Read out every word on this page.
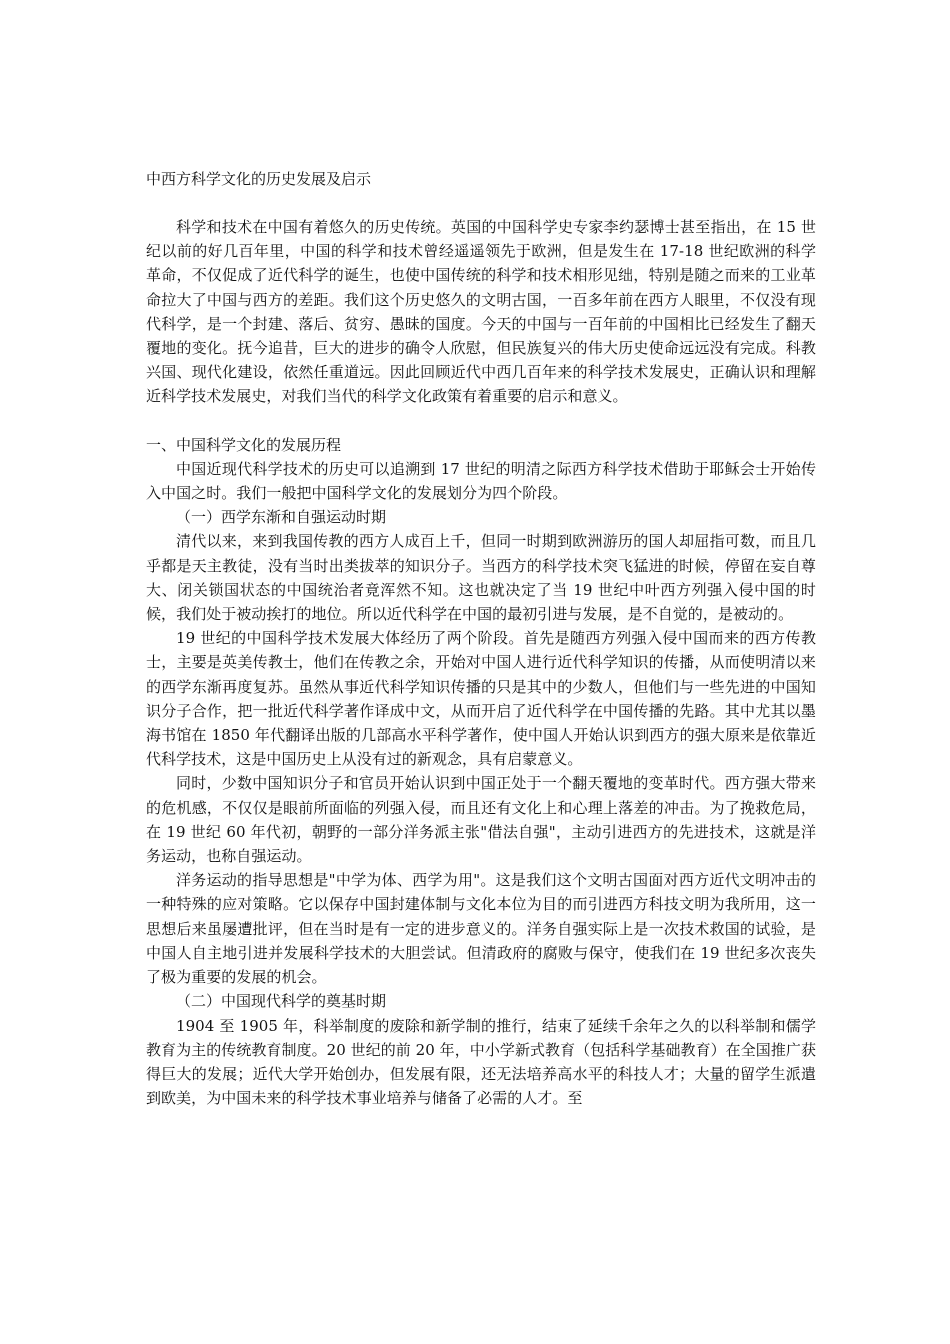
中西方科学文化的历史发展及启示

科学和技术在中国有着悠久的历史传统。英国的中国科学史专家李约瑟博士甚至指出，在 15 世纪以前的好几百年里，中国的科学和技术曾经遥遥领先于欧洲，但是发生在 17-18 世纪欧洲的科学革命，不仅促成了近代科学的诞生，也使中国传统的科学和技术相形见绌，特别是随之而来的工业革命拉大了中国与西方的差距。我们这个历史悠久的文明古国，一百多年前在西方人眼里，不仅没有现代科学，是一个封建、落后、贫穷、愚昧的国度。今天的中国与一百年前的中国相比已经发生了翻天覆地的变化。抚今追昔，巨大的进步的确令人欣慰，但民族复兴的伟大历史使命远远没有完成。科教兴国、现代化建设，依然任重道远。因此回顾近代中西几百年来的科学技术发展史，正确认识和理解近科学技术发展史，对我们当代的科学文化政策有着重要的启示和意义。

一、中国科学文化的发展历程

中国近现代科学技术的历史可以追溯到 17 世纪的明清之际西方科学技术借助于耶稣会士开始传入中国之时。我们一般把中国科学文化的发展划分为四个阶段。

（一）西学东渐和自强运动时期

清代以来，来到我国传教的西方人成百上千，但同一时期到欧洲游历的国人却屈指可数，而且几乎都是天主教徒，没有当时出类拔萃的知识分子。当西方的科学技术突飞猛进的时候，停留在妄自尊大、闭关锁国状态的中国统治者竟浑然不知。这也就决定了当 19 世纪中叶西方列强入侵中国的时候，我们处于被动挨打的地位。所以近代科学在中国的最初引进与发展，是不自觉的，是被动的。

19 世纪的中国科学技术发展大体经历了两个阶段。首先是随西方列强入侵中国而来的西方传教士，主要是英美传教士，他们在传教之余，开始对中国人进行近代科学知识的传播，从而使明清以来的西学东渐再度复苏。虽然从事近代科学知识传播的只是其中的少数人，但他们与一些先进的中国知识分子合作，把一批近代科学著作译成中文，从而开启了近代科学在中国传播的先路。其中尤其以墨海书馆在 1850 年代翻译出版的几部高水平科学著作，使中国人开始认识到西方的强大原来是依靠近代科学技术，这是中国历史上从没有过的新观念，具有启蒙意义。

同时，少数中国知识分子和官员开始认识到中国正处于一个翻天覆地的变革时代。西方强大带来的危机感，不仅仅是眼前所面临的列强入侵，而且还有文化上和心理上落差的冲击。为了挽救危局，在 19 世纪 60 年代初，朝野的一部分洋务派主张"借法自强"，主动引进西方的先进技术，这就是洋务运动，也称自强运动。

洋务运动的指导思想是"中学为体、西学为用"。这是我们这个文明古国面对西方近代文明冲击的一种特殊的应对策略。它以保存中国封建体制与文化本位为目的而引进西方科技文明为我所用，这一思想后来虽屡遭批评，但在当时是有一定的进步意义的。洋务自强实际上是一次技术救国的试验，是中国人自主地引进并发展科学技术的大胆尝试。但清政府的腐败与保守，使我们在 19 世纪多次丧失了极为重要的发展的机会。

（二）中国现代科学的奠基时期

1904 至 1905 年，科举制度的废除和新学制的推行，结束了延续千余年之久的以科举制和儒学教育为主的传统教育制度。20 世纪的前 20 年，中小学新式教育（包括科学基础教育）在全国推广获得巨大的发展；近代大学开始创办，但发展有限，还无法培养高水平的科技人才；大量的留学生派遣到欧美，为中国未来的科学技术事业培养与储备了必需的人才。至
